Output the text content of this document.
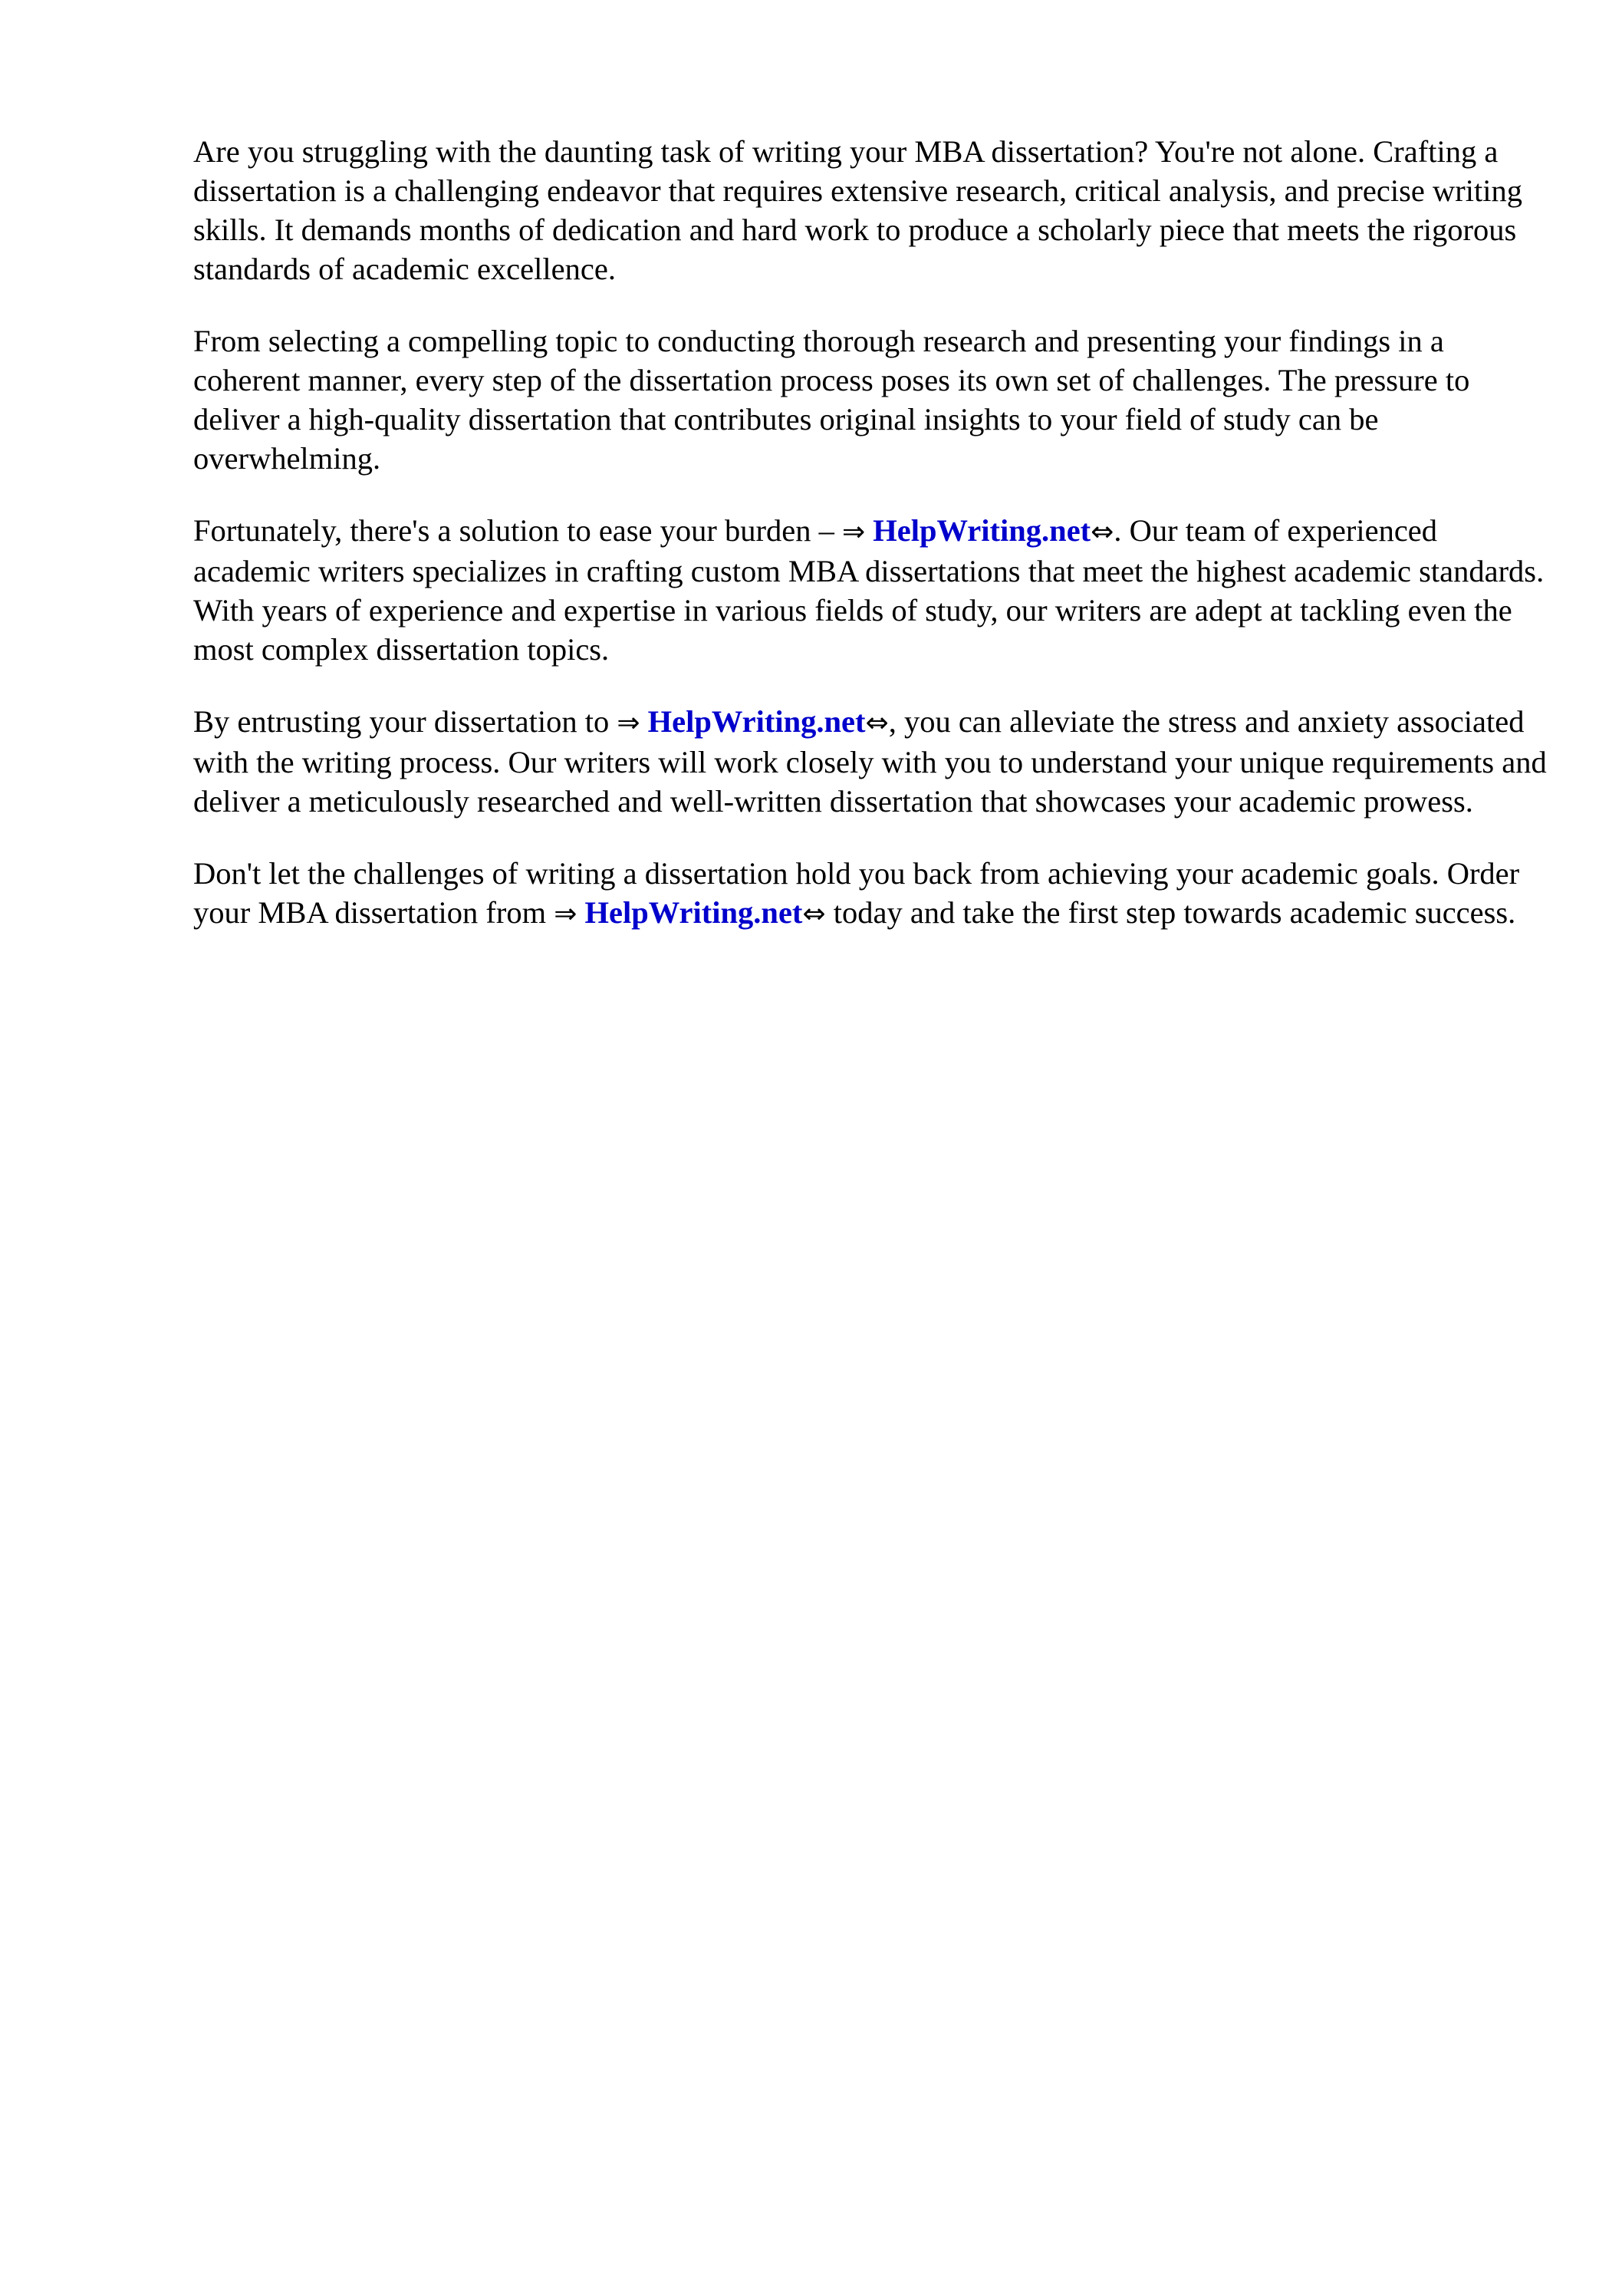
Are you struggling with the daunting task of writing your MBA dissertation? You're not alone. Crafting a dissertation is a challenging endeavor that requires extensive research, critical analysis, and precise writing skills. It demands months of dedication and hard work to produce a scholarly piece that meets the rigorous standards of academic excellence.

From selecting a compelling topic to conducting thorough research and presenting your findings in a coherent manner, every step of the dissertation process poses its own set of challenges. The pressure to deliver a high-quality dissertation that contributes original insights to your field of study can be overwhelming.

Fortunately, there's a solution to ease your burden – ⇒ HelpWriting.net⇔. Our team of experienced academic writers specializes in crafting custom MBA dissertations that meet the highest academic standards. With years of experience and expertise in various fields of study, our writers are adept at tackling even the most complex dissertation topics.

By entrusting your dissertation to ⇒ HelpWriting.net⇔, you can alleviate the stress and anxiety associated with the writing process. Our writers will work closely with you to understand your unique requirements and deliver a meticulously researched and well-written dissertation that showcases your academic prowess.

Don't let the challenges of writing a dissertation hold you back from achieving your academic goals. Order your MBA dissertation from ⇒ HelpWriting.net⇔ today and take the first step towards academic success.
